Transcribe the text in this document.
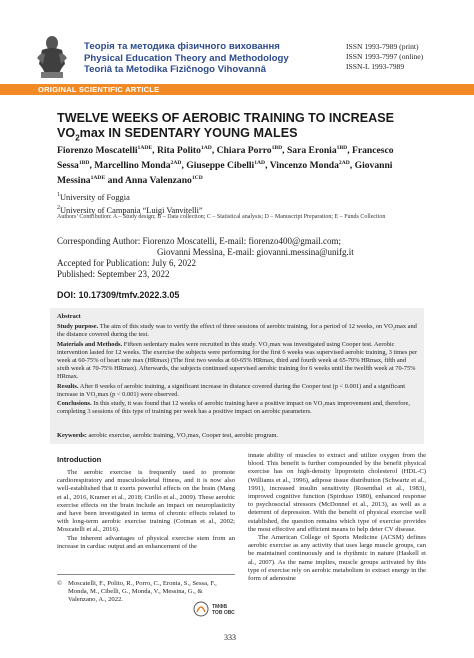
Теорія та методика фізичного виховання
Physical Education Theory and Methodology
Teorìâ ta Metodika Fìzičnogo Vihovannâ
ISSN 1993-7989 (print)
ISSN 1993-7997 (online)
ISSN-L 1993-7989
ORIGINAL SCIENTIFIC ARTICLE
TWELVE WEEKS OF AEROBIC TRAINING TO INCREASE
$VO_2\max$ IN SEDENTARY YOUNG MALES
Fiorenzo Moscatelli$^{1ADE}$, Rita Polito$^{1AD}$, Chiara Porro$^{1BD}$, Sara Eronia$^{1BD}$, Francesco Sessa$^{1BD}$, Marcellino Monda$^{2AD}$, Giuseppe Cibelli$^{1AD}$, Vincenzo Monda$^{2AD}$, Giovanni Messina$^{1ADE}$ and Anna Valenzano$^{1CD}$
$^1$University of Foggia
$^2$University of Campania “Luigi Vanvitelli”
Authors’ Contribution: A – Study design; B – Data collection; C – Statistical analysis; D – Manuscript Preparation; E – Funds Collection
Corresponding Author: Fiorenzo Moscatelli, E-mail: fiorenzo400@gmail.com;
Giovanni Messina, E-mail: giovanni.messina@unifg.it
Accepted for Publication: July 6, 2022
Published: September 23, 2022
DOI: 10.17309/tmfv.2022.3.05
Abstract

Study purpose. The aim of this study was to verify the effect of three sessions of aerobic training, for a period of 12 weeks, on VO₂max and the distance covered during the test.

Materials and Methods. Fifteen sedentary males were recruited in this study. VO₂max was investigated using Cooper test. Aerobic intervention lasted for 12 weeks. The exercise the subjects were performing for the first 6 weeks was supervised aerobic training, 3 times per week at 60-75% of heart rate max (HRmax) (The first two weeks at 60-65% HRmax, third and fourth week at 65-70% HRmax, fifth and sixth week at 70-75% HRmax). Afterwards, the subjects continued supervised aerobic training for 6 weeks until the twelfth week at 70-75% HRmax.

Results. After 8 weeks of aerobic training, a significant increase in distance covered during the Cooper test (p < 0.001) and a significant increase in VO₂max (p < 0.001) were observed.

Conclusions. In this study, it was found that 12 weeks of aerobic training have a positive impact on VO₂max improvement and, therefore, completing 3 sessions of this type of training per week has a positive impact on aerobic parameters.

Keywords: aerobic exercise, aerobic training, VO₂max, Cooper test, aerobic program.
Introduction

The aerobic exercise is frequently used to promote cardiorespiratory and musculoskeletal fitness, and it is now also well-established that it exerts powerful effects on the brain (Mang et al., 2016, Kramer et al., 2018; Cirillo et al., 2009). These aerobic exercise effects on the brain include an impact on neuroplasticity and have been investigated in terms of chronic effects related to with long-term aerobic exercise training (Cotman et al., 2002; Moscatelli et al., 2016).

The inherent advantages of physical exercise stem from an increase in cardiac output and an enhancement of the

innate ability of muscles to extract and utilize oxygen from the blood. This benefit is further compounded by the benefit physical exercise has on high-density lipoprotein cholesterol (HDL-C) (Williams et al., 1996), adipose tissue distribution (Schwartz et al., 1991), increased insulin sensitivity (Rosenthal et al., 1983), improved cognitive function (Spirduso 1980), enhanced response to psychosocial stressors (McDonnel et al., 2013), as well as a deterrent of depression. With the benefit of physical exercise well established, the question remains which type of exercise provides the most effective and efficient means to help deter CV disease.

The American College of Sports Medicine (ACSM) defines aerobic exercise as any activity that uses large muscle groups, can be maintained continuously and is rhythmic in nature (Haskell et al., 2007). As the name implies, muscle groups activated by this type of exercise rely on aerobic metabolism to extract energy in the form of adenosine

© Moscatelli, F., Polito, R., Porro, C., Eronia, S., Sessa, F.,
Monda, M., Cibelli, G., Monda, V., Messina, G., &
Valenzano, A., 2022.
ТМФВ
ТОВ ОВС
333
